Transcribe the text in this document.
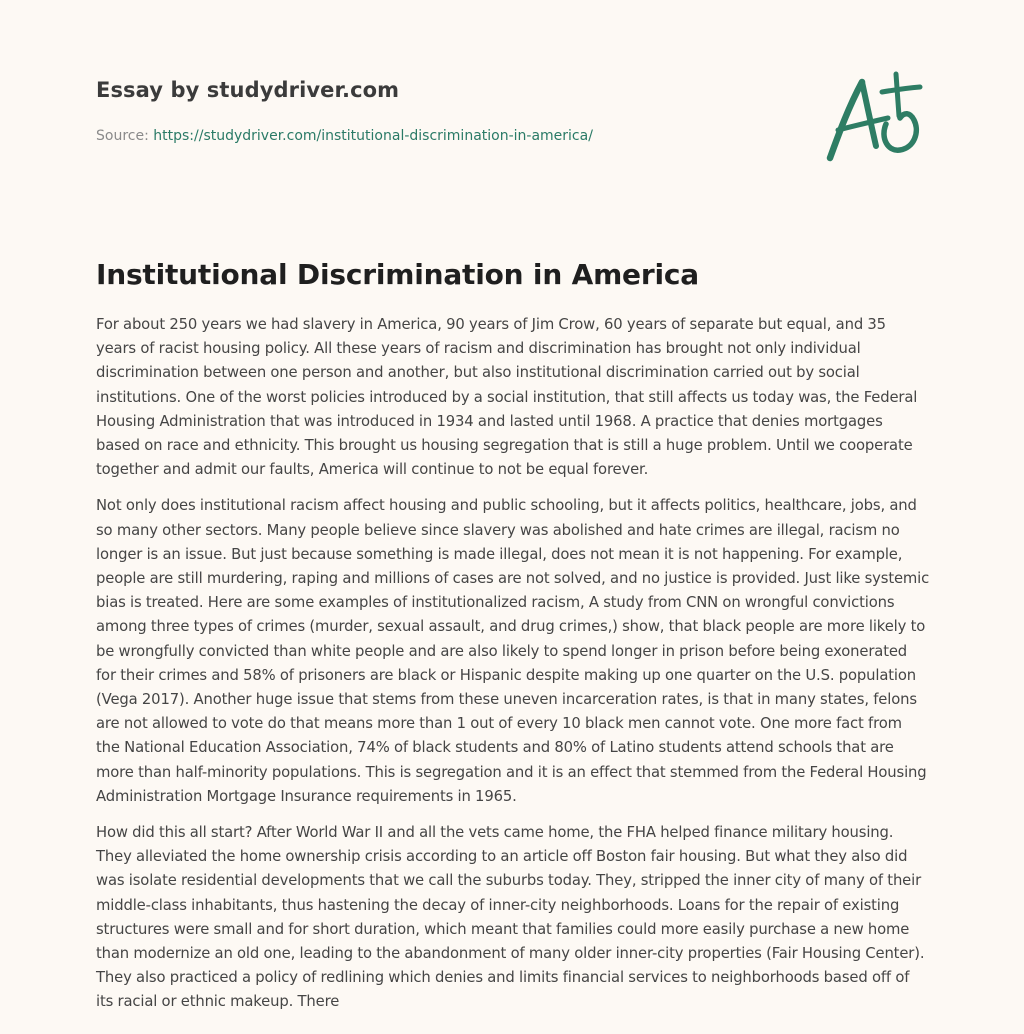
Essay by studydriver.com
Source: https://studydriver.com/institutional-discrimination-in-america/
Institutional Discrimination in America

For about 250 years we had slavery in America, 90 years of Jim Crow, 60 years of separate but equal, and 35 years of racist housing policy. All these years of racism and discrimination has brought not only individual discrimination between one person and another, but also institutional discrimination carried out by social institutions. One of the worst policies introduced by a social institution, that still affects us today was, the Federal Housing Administration that was introduced in 1934 and lasted until 1968. A practice that denies mortgages based on race and ethnicity. This brought us housing segregation that is still a huge problem. Until we cooperate together and admit our faults, America will continue to not be equal forever.

Not only does institutional racism affect housing and public schooling, but it affects politics, healthcare, jobs, and so many other sectors. Many people believe since slavery was abolished and hate crimes are illegal, racism no longer is an issue. But just because something is made illegal, does not mean it is not happening. For example, people are still murdering, raping and millions of cases are not solved, and no justice is provided. Just like systemic bias is treated. Here are some examples of institutionalized racism, A study from CNN on wrongful convictions among three types of crimes (murder, sexual assault, and drug crimes,) show, that black people are more likely to be wrongfully convicted than white people and are also likely to spend longer in prison before being exonerated for their crimes and 58% of prisoners are black or Hispanic despite making up one quarter on the U.S. population (Vega 2017). Another huge issue that stems from these uneven incarceration rates, is that in many states, felons are not allowed to vote do that means more than 1 out of every 10 black men cannot vote. One more fact from the National Education Association, 74% of black students and 80% of Latino students attend schools that are more than half-minority populations. This is segregation and it is an effect that stemmed from the Federal Housing Administration Mortgage Insurance requirements in 1965.

How did this all start? After World War II and all the vets came home, the FHA helped finance military housing. They alleviated the home ownership crisis according to an article off Boston fair housing. But what they also did was isolate residential developments that we call the suburbs today. They, stripped the inner city of many of their middle-class inhabitants, thus hastening the decay of inner-city neighborhoods. Loans for the repair of existing structures were small and for short duration, which meant that families could more easily purchase a new home than modernize an old one, leading to the abandonment of many older inner-city properties (Fair Housing Center). They also practiced a policy of redlining which denies and limits financial services to neighborhoods based off of its racial or ethnic makeup. There
